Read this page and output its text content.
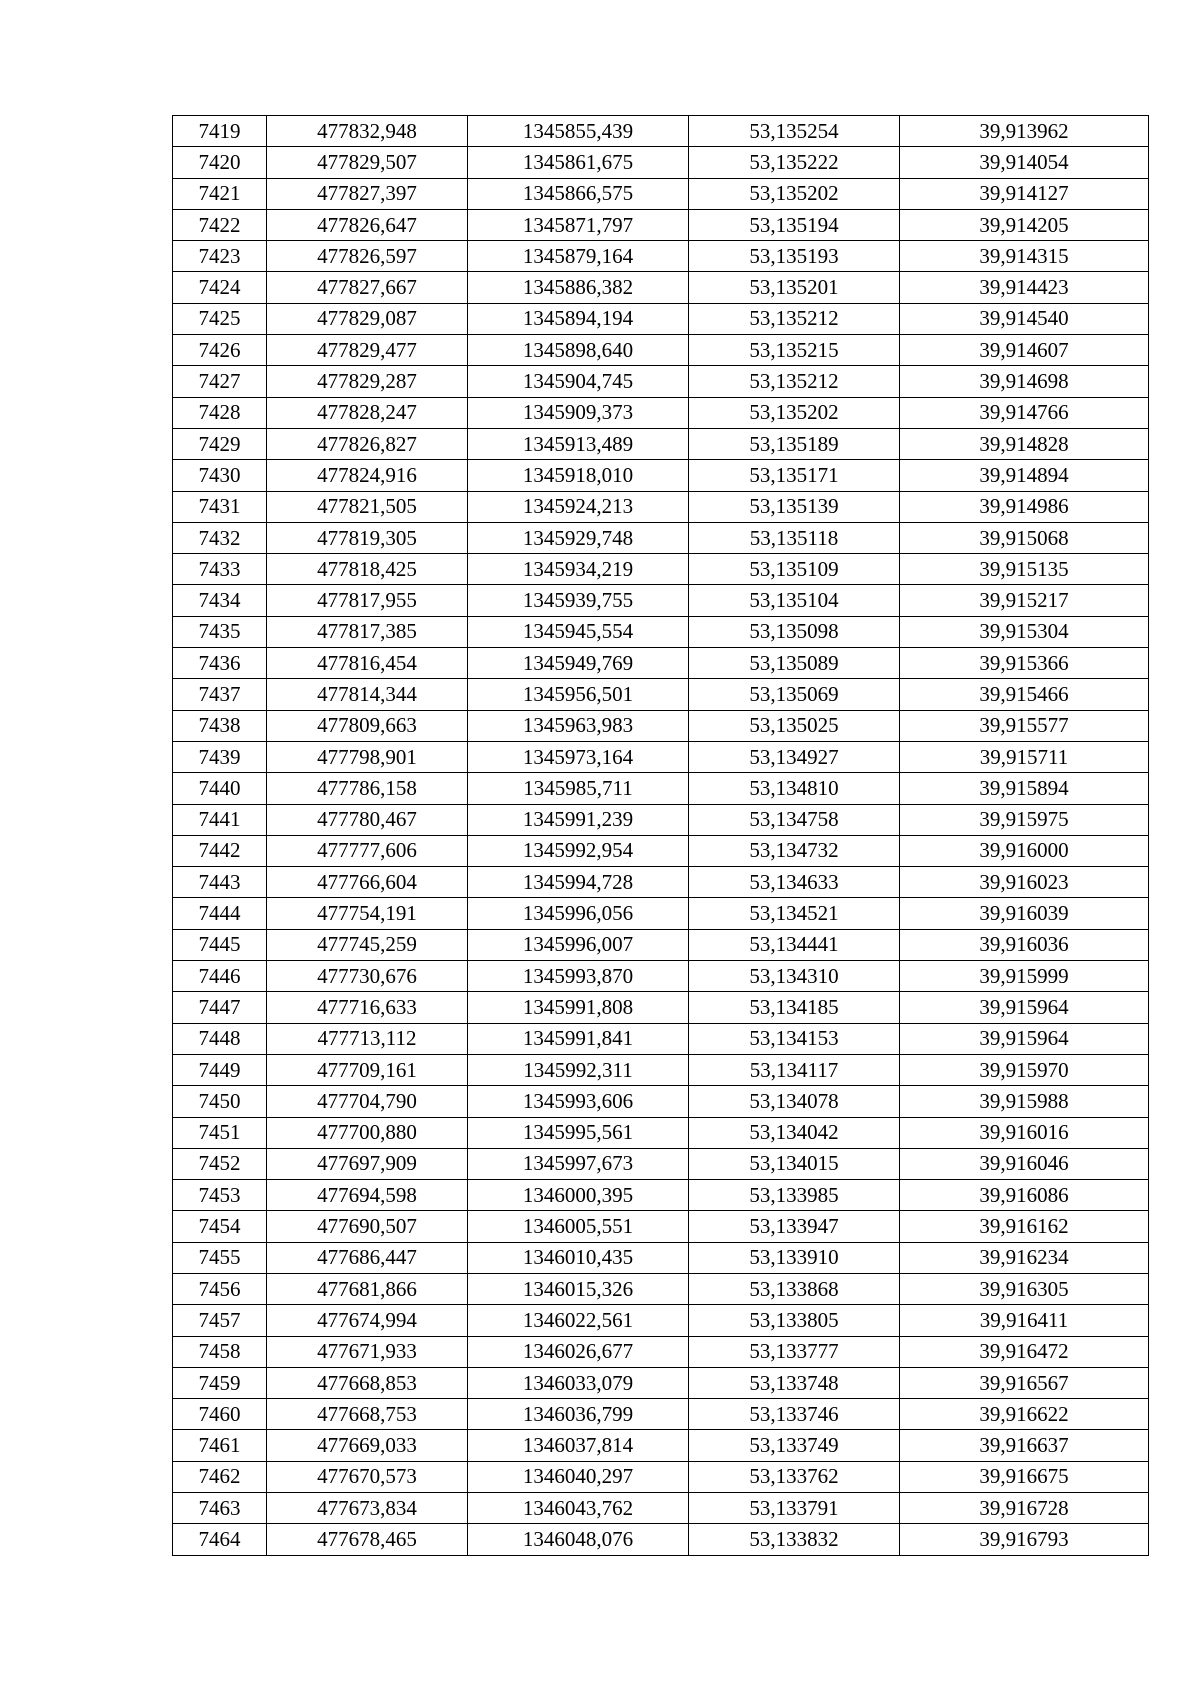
7419	477832,948	1345855,439	53,135254	39,913962
7420	477829,507	1345861,675	53,135222	39,914054
7421	477827,397	1345866,575	53,135202	39,914127
7422	477826,647	1345871,797	53,135194	39,914205
7423	477826,597	1345879,164	53,135193	39,914315
7424	477827,667	1345886,382	53,135201	39,914423
7425	477829,087	1345894,194	53,135212	39,914540
7426	477829,477	1345898,640	53,135215	39,914607
7427	477829,287	1345904,745	53,135212	39,914698
7428	477828,247	1345909,373	53,135202	39,914766
7429	477826,827	1345913,489	53,135189	39,914828
7430	477824,916	1345918,010	53,135171	39,914894
7431	477821,505	1345924,213	53,135139	39,914986
7432	477819,305	1345929,748	53,135118	39,915068
7433	477818,425	1345934,219	53,135109	39,915135
7434	477817,955	1345939,755	53,135104	39,915217
7435	477817,385	1345945,554	53,135098	39,915304
7436	477816,454	1345949,769	53,135089	39,915366
7437	477814,344	1345956,501	53,135069	39,915466
7438	477809,663	1345963,983	53,135025	39,915577
7439	477798,901	1345973,164	53,134927	39,915711
7440	477786,158	1345985,711	53,134810	39,915894
7441	477780,467	1345991,239	53,134758	39,915975
7442	477777,606	1345992,954	53,134732	39,916000
7443	477766,604	1345994,728	53,134633	39,916023
7444	477754,191	1345996,056	53,134521	39,916039
7445	477745,259	1345996,007	53,134441	39,916036
7446	477730,676	1345993,870	53,134310	39,915999
7447	477716,633	1345991,808	53,134185	39,915964
7448	477713,112	1345991,841	53,134153	39,915964
7449	477709,161	1345992,311	53,134117	39,915970
7450	477704,790	1345993,606	53,134078	39,915988
7451	477700,880	1345995,561	53,134042	39,916016
7452	477697,909	1345997,673	53,134015	39,916046
7453	477694,598	1346000,395	53,133985	39,916086
7454	477690,507	1346005,551	53,133947	39,916162
7455	477686,447	1346010,435	53,133910	39,916234
7456	477681,866	1346015,326	53,133868	39,916305
7457	477674,994	1346022,561	53,133805	39,916411
7458	477671,933	1346026,677	53,133777	39,916472
7459	477668,853	1346033,079	53,133748	39,916567
7460	477668,753	1346036,799	53,133746	39,916622
7461	477669,033	1346037,814	53,133749	39,916637
7462	477670,573	1346040,297	53,133762	39,916675
7463	477673,834	1346043,762	53,133791	39,916728
7464	477678,465	1346048,076	53,133832	39,916793
